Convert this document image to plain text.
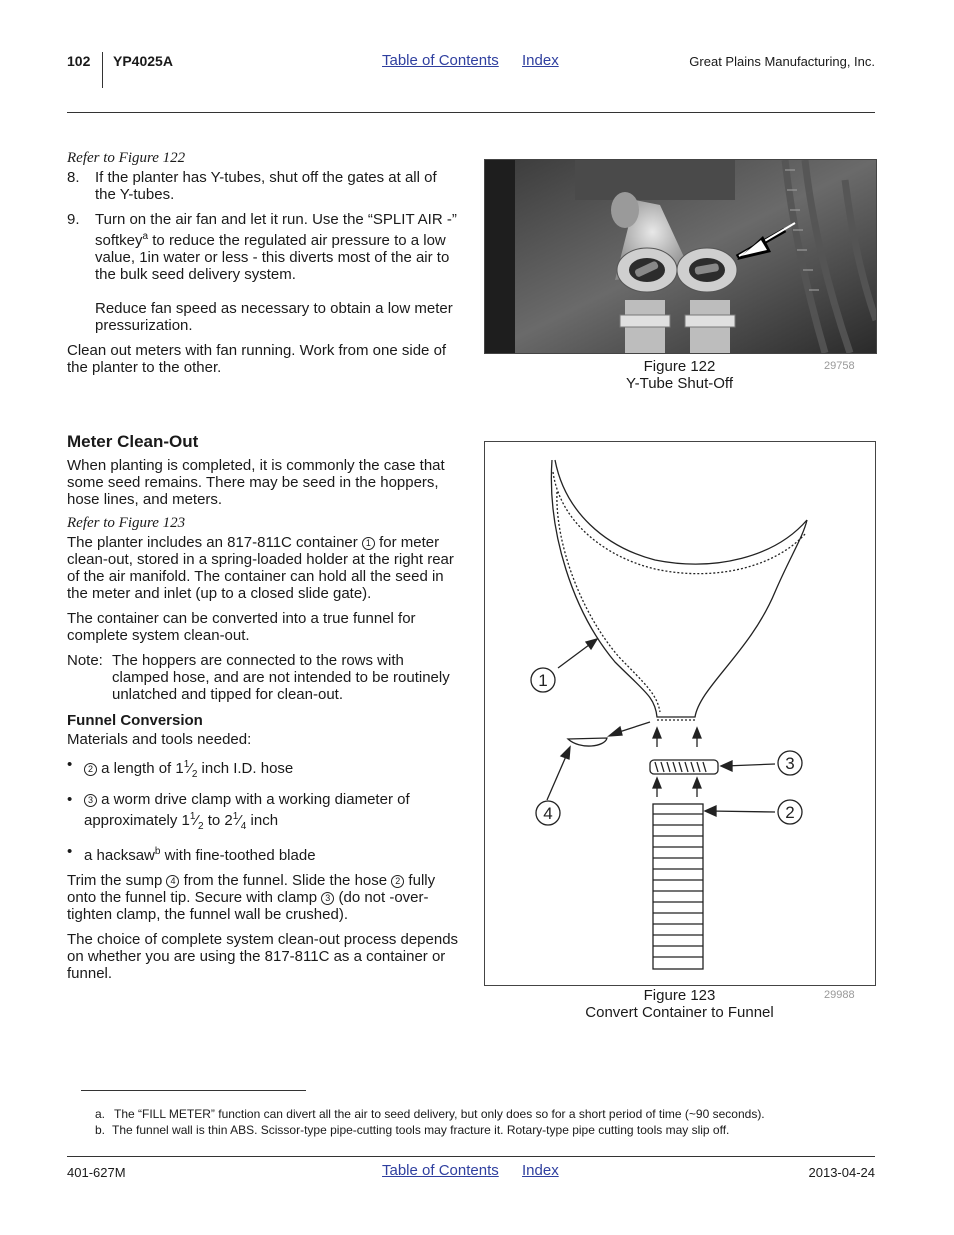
102 YP4025A	Table of Contents Index	Great Plains Manufacturing, Inc.
Refer to Figure 122
8.	If the planter has Y-tubes, shut off the gates at all of the Y-tubes.
9.	Turn on the air fan and let it run. Use the “SPLIT AIR -” softkey$^a$ to reduce the regulated air pressure to a low value, 1in water or less - this diverts most of the air to the bulk seed delivery system.
Reduce fan speed as necessary to obtain a low meter pressurization.
Clean out meters with fan running. Work from one side of the planter to the other.
Meter Clean-Out
When planting is completed, it is commonly the case that some seed remains. There may be seed in the hoppers, hose lines, and meters.
Refer to Figure 123
The planter includes an 817-811C container 1 for meter clean-out, stored in a spring-loaded holder at the right rear of the air manifold. The container can hold all the seed in the meter and inlet (up to a closed slide gate).
The container can be converted into a true funnel for complete system clean-out.
Note: The hoppers are connected to the rows with clamped hose, and are not intended to be routinely unlatched and tipped for clean-out.
Funnel Conversion
Materials and tools needed:
•	2 a length of $1^1⁄_2$ inch I.D. hose
•	3 a worm drive clamp with a working diameter of approximately $1^1⁄_2$ to $2^1⁄_4$ inch
• a hacksaw$^b$ with fine-toothed blade
Trim the sump 4 from the funnel. Slide the hose 2 fully onto the funnel tip. Secure with clamp 3 (do not -over-tighten clamp, the funnel wall be crushed).
The choice of complete system clean-out process depends on whether you are using the 817-811C as a container or funnel.
Figure 122
Y-Tube Shut-Off
29758
1
3
4	2
Figure 123
Convert Container to Funnel
29988
a. The “FILL METER” function can divert all the air to seed delivery, but only does so for a short period of time (~90 seconds).
b. The funnel wall is thin ABS. Scissor-type pipe-cutting tools may fracture it. Rotary-type pipe cutting tools may slip off.
401-627M	Table of Contents Index	2013-04-24
